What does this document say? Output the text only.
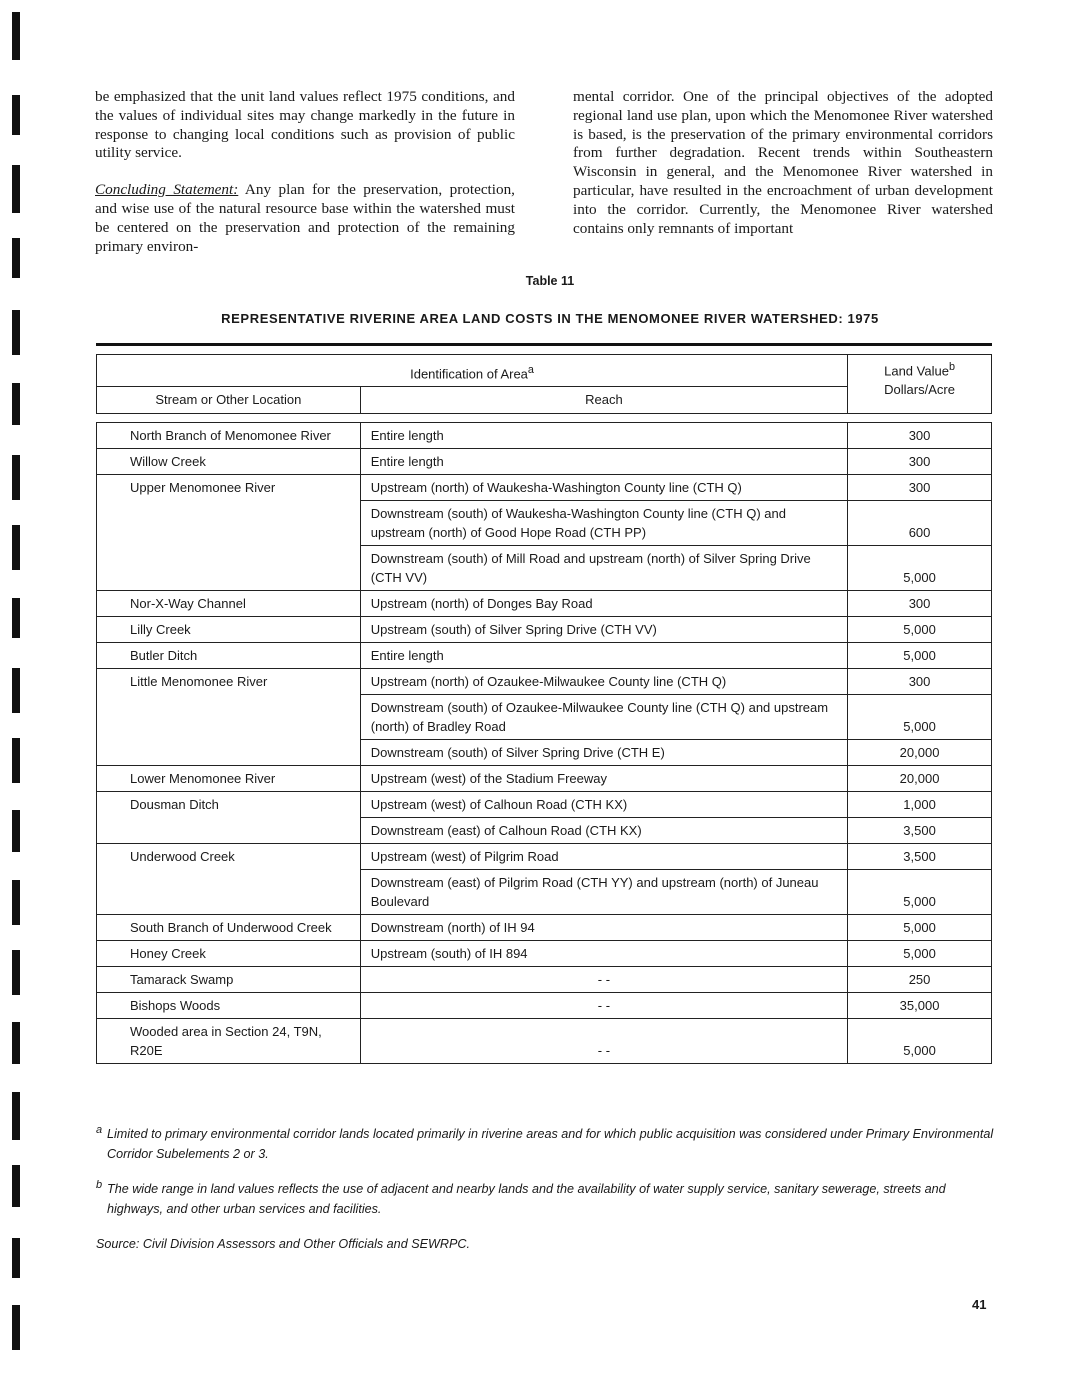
be emphasized that the unit land values reflect 1975 conditions, and the values of individual sites may change markedly in the future in response to changing local conditions such as provision of public utility service.

Concluding Statement: Any plan for the preservation, protection, and wise use of the natural resource base within the watershed must be centered on the preservation and protection of the remaining primary environ-

mental corridor. One of the principal objectives of the adopted regional land use plan, upon which the Menomonee River watershed is based, is the preservation of the primary environmental corridors from further degradation. Recent trends within Southeastern Wisconsin in general, and the Menomonee River watershed in particular, have resulted in the encroachment of urban development into the corridor. Currently, the Menomonee River watershed contains only remnants of important

Table 11
REPRESENTATIVE RIVERINE AREA LAND COSTS IN THE MENOMONEE RIVER WATERSHED: 1975
Identification of Area$^a$		Land Value$^b$
Dollars/Acre
Stream or Other Location	Reach	

North Branch of Menomonee River	Entire length	300
Willow Creek	Entire length	300
Upper Menomonee River	Upstream (north) of Waukesha-Washington County line (CTH Q)	300
	Downstream (south) of Waukesha-Washington County line (CTH Q) and upstream (north) of Good Hope Road (CTH PP)	600
	Downstream (south) of Mill Road and upstream (north) of Silver Spring Drive (CTH VV)	5,000
Nor-X-Way Channel	Upstream (north) of Donges Bay Road	300
Lilly Creek	Upstream (south) of Silver Spring Drive (CTH VV)	5,000
Butler Ditch	Entire length	5,000
Little Menomonee River	Upstream (north) of Ozaukee-Milwaukee County line (CTH Q)	300
	Downstream (south) of Ozaukee-Milwaukee County line (CTH Q) and upstream (north) of Bradley Road	5,000
	Downstream (south) of Silver Spring Drive (CTH E)	20,000
Lower Menomonee River	Upstream (west) of the Stadium Freeway	20,000
Dousman Ditch	Upstream (west) of Calhoun Road (CTH KX)	1,000
	Downstream (east) of Calhoun Road (CTH KX)	3,500
Underwood Creek	Upstream (west) of Pilgrim Road	3,500
	Downstream (east) of Pilgrim Road (CTH YY) and upstream (north) of Juneau Boulevard	5,000
South Branch of Underwood Creek	Downstream (north) of IH 94	5,000
Honey Creek	Upstream (south) of IH 894	5,000
Tamarack Swamp	- -	250
Bishops Woods	- -	35,000
Wooded area in Section 24, T9N, R20E	- -	5,000
a Limited to primary environmental corridor lands located primarily in riverine areas and for which public acquisition was considered under Primary Environmental Corridor Subelements 2 or 3.
b The wide range in land values reflects the use of adjacent and nearby lands and the availability of water supply service, sanitary sewerage, streets and highways, and other urban services and facilities.
Source: Civil Division Assessors and Other Officials and SEWRPC.
41
